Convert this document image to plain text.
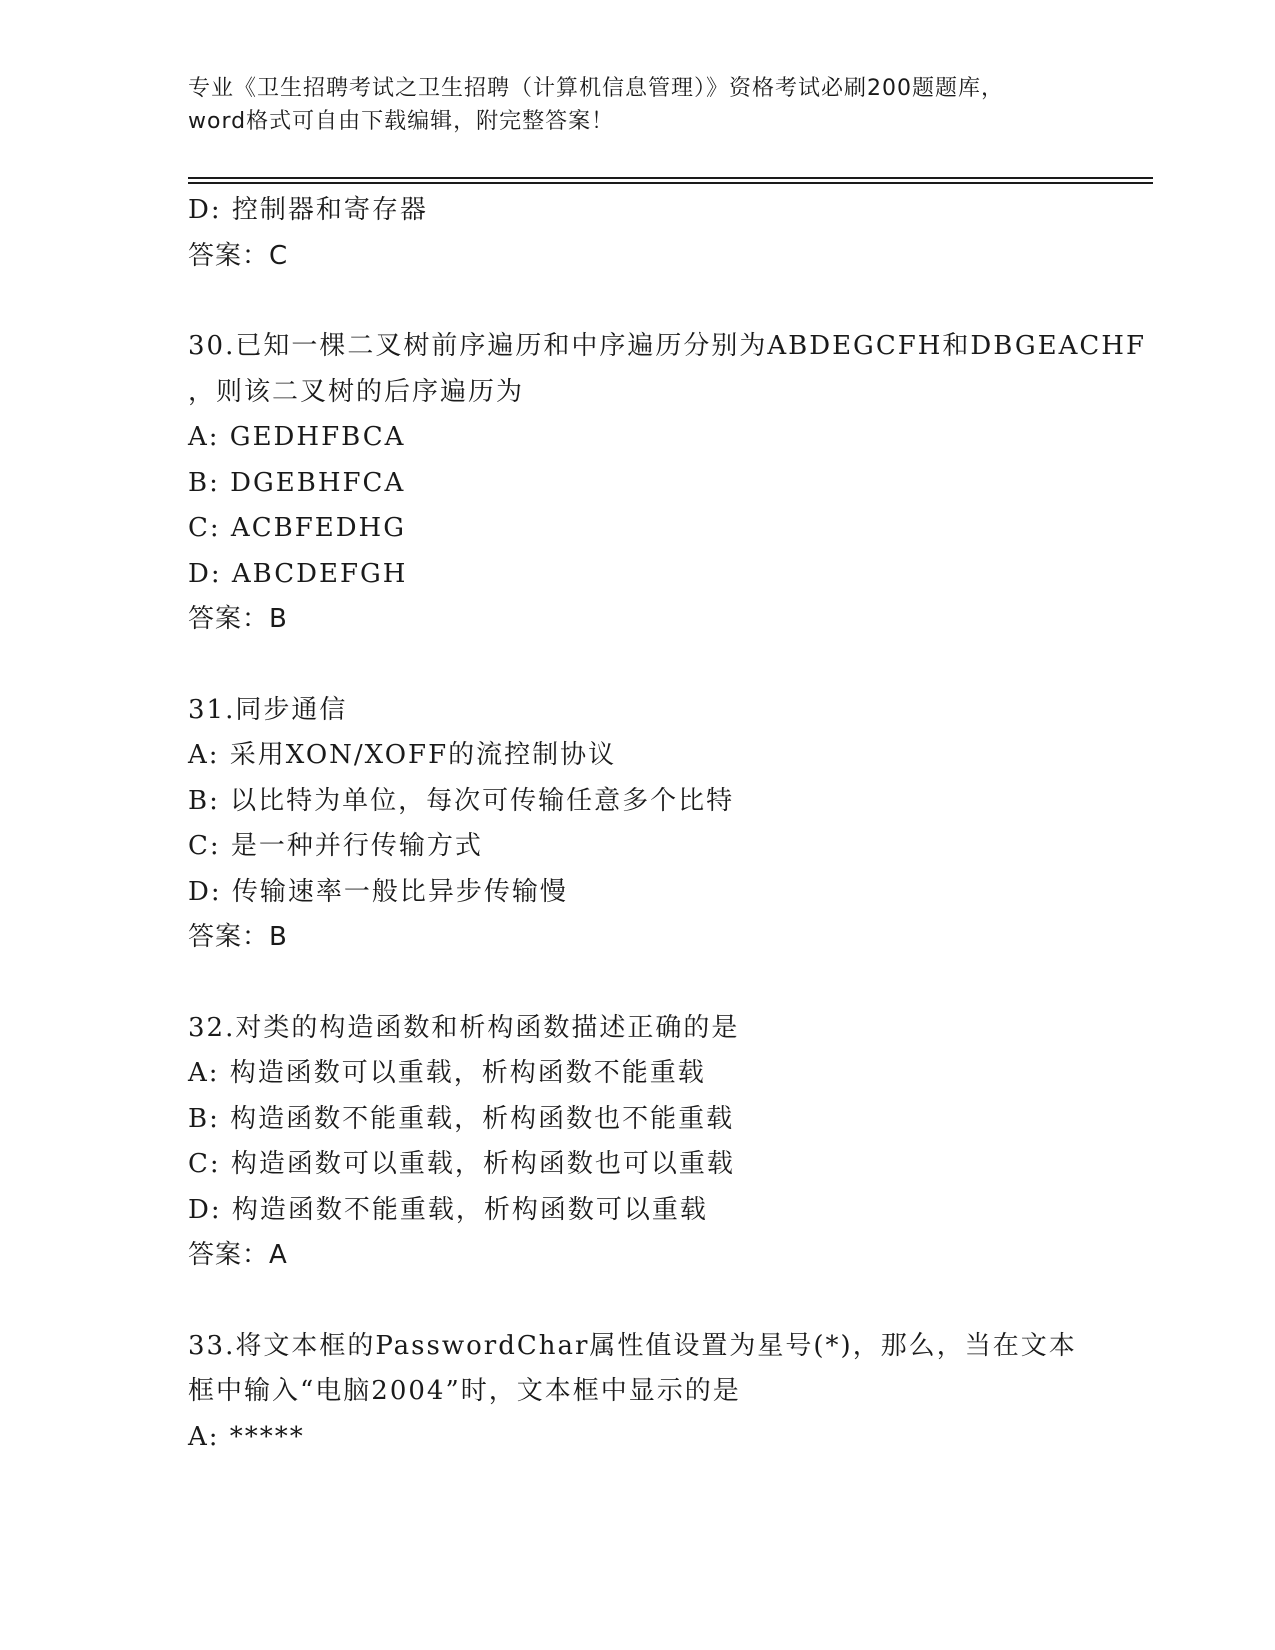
专业《卫生招聘考试之卫生招聘（计算机信息管理）》资格考试必刷200题题库，
word格式可自由下载编辑，附完整答案！
D: 控制器和寄存器
答案：C
30.已知一棵二叉树前序遍历和中序遍历分别为ABDEGCFH和DBGEACHF
，则该二叉树的后序遍历为
A: GEDHFBCA
B: DGEBHFCA
C: ACBFEDHG
D: ABCDEFGH
答案：B
31.同步通信
A: 采用XON/XOFF的流控制协议
B: 以比特为单位，每次可传输任意多个比特
C: 是一种并行传输方式
D: 传输速率一般比异步传输慢
答案：B
32.对类的构造函数和析构函数描述正确的是
A: 构造函数可以重载，析构函数不能重载
B: 构造函数不能重载，析构函数也不能重载
C: 构造函数可以重载，析构函数也可以重载
D: 构造函数不能重载，析构函数可以重载
答案：A
33.将文本框的PasswordChar属性值设置为星号(*)，那么，当在文本
框中输入“电脑2004”时，文本框中显示的是
A: *****
